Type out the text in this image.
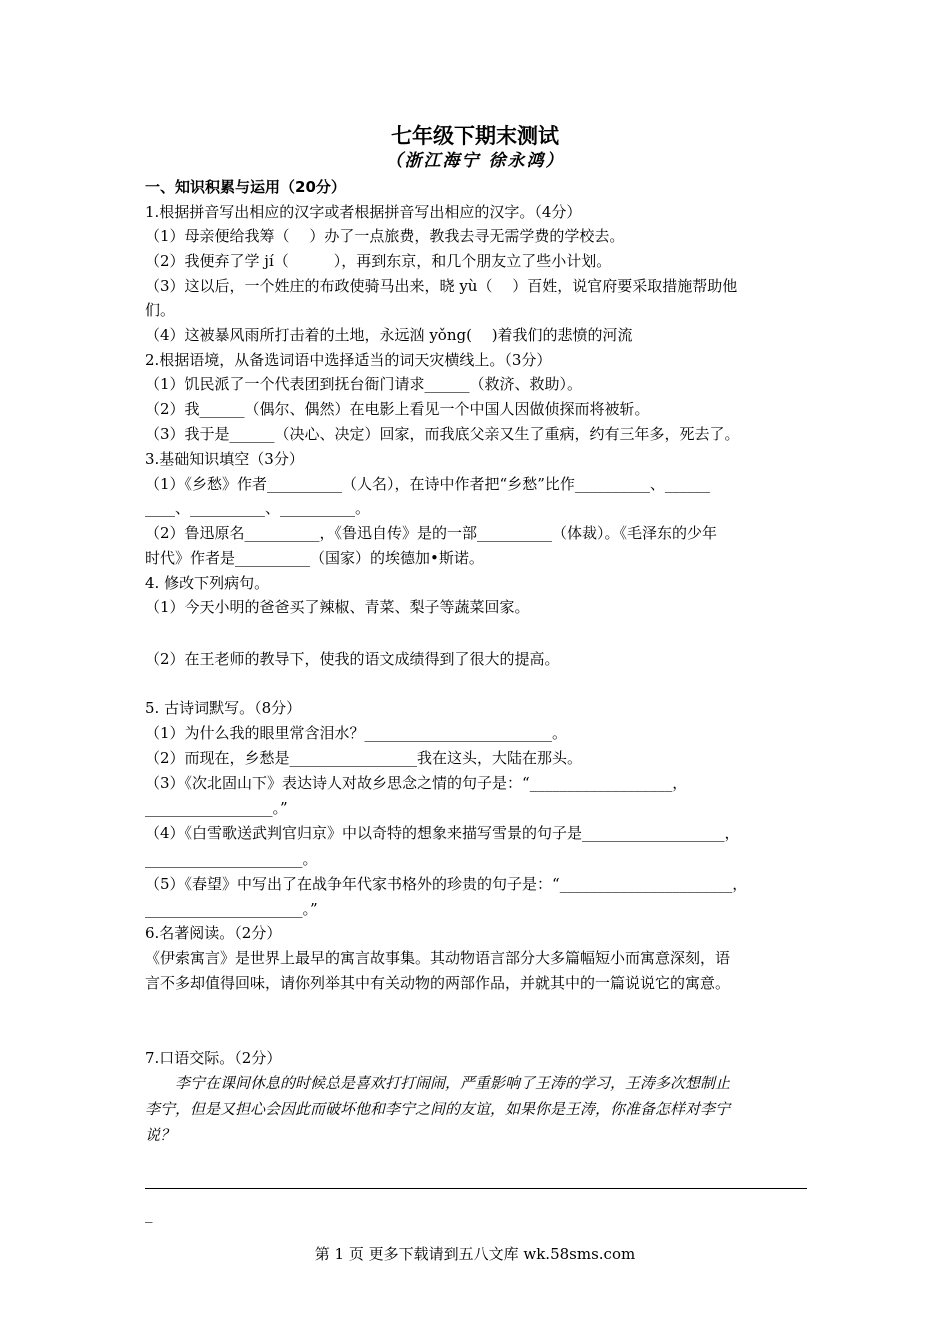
七年级下期末测试
（浙江海宁 徐永鸿）
一、知识积累与运用（20分）
1.根据拼音写出相应的汉字或者根据拼音写出相应的汉字。（4分）
（1）母亲便给我筹（　 ）办了一点旅费，教我去寻无需学费的学校去。
（2）我便弃了学 jí（　　　），再到东京，和几个朋友立了些小计划。
（3）这以后，一个姓庄的布政使骑马出来，晓 yù（　 ）百姓，说官府要采取措施帮助他
们。
（4）这被暴风雨所打击着的土地，永远汹 yǒng(　 )着我们的悲愤的河流
2.根据语境，从备选词语中选择适当的词天灾横线上。（3分）
（1）饥民派了一个代表团到抚台衙门请求______（救济、救助）。
（2）我______（偶尔、偶然）在电影上看见一个中国人因做侦探而将被斩。
（3）我于是______（决心、决定）回家，而我底父亲又生了重病，约有三年多，死去了。
3.基础知识填空（3分）
（1）《乡愁》作者__________（人名），在诗中作者把“乡愁”比作__________、______
____、__________、__________。
（2）鲁迅原名__________，《鲁迅自传》是的一部__________（体裁）。《毛泽东的少年
时代》作者是__________（国家）的埃德加•斯诺。
4. 修改下列病句。
（1）今天小明的爸爸买了辣椒、青菜、梨子等蔬菜回家。
（2）在王老师的教导下，使我的语文成绩得到了很大的提高。
5. 古诗词默写。（8分）
（1）为什么我的眼里常含泪水？_________________________。
（2）而现在，乡愁是_________________我在这头，大陆在那头。
（3）《次北固山下》表达诗人对故乡思念之情的句子是：“___________________，
_________________。”
（4）《白雪歌送武判官归京》中以奇特的想象来描写雪景的句子是___________________，
_____________________。
（5）《春望》中写出了在战争年代家书格外的珍贵的句子是：“_______________________，
_____________________。”
6.名著阅读。（2分）
《伊索寓言》是世界上最早的寓言故事集。其动物语言部分大多篇幅短小而寓意深刻，语
言不多却值得回味，请你列举其中有关动物的两部作品，并就其中的一篇说说它的寓意。
7.口语交际。（2分）
　　李宁在课间休息的时候总是喜欢打打闹闹，严重影响了王涛的学习，王涛多次想制止
李宁，但是又担心会因此而破坏他和李宁之间的友谊，如果你是王涛，你准备怎样对李宁
说？
_
第 1 页 更多下载请到五八文库 wk.58sms.com
